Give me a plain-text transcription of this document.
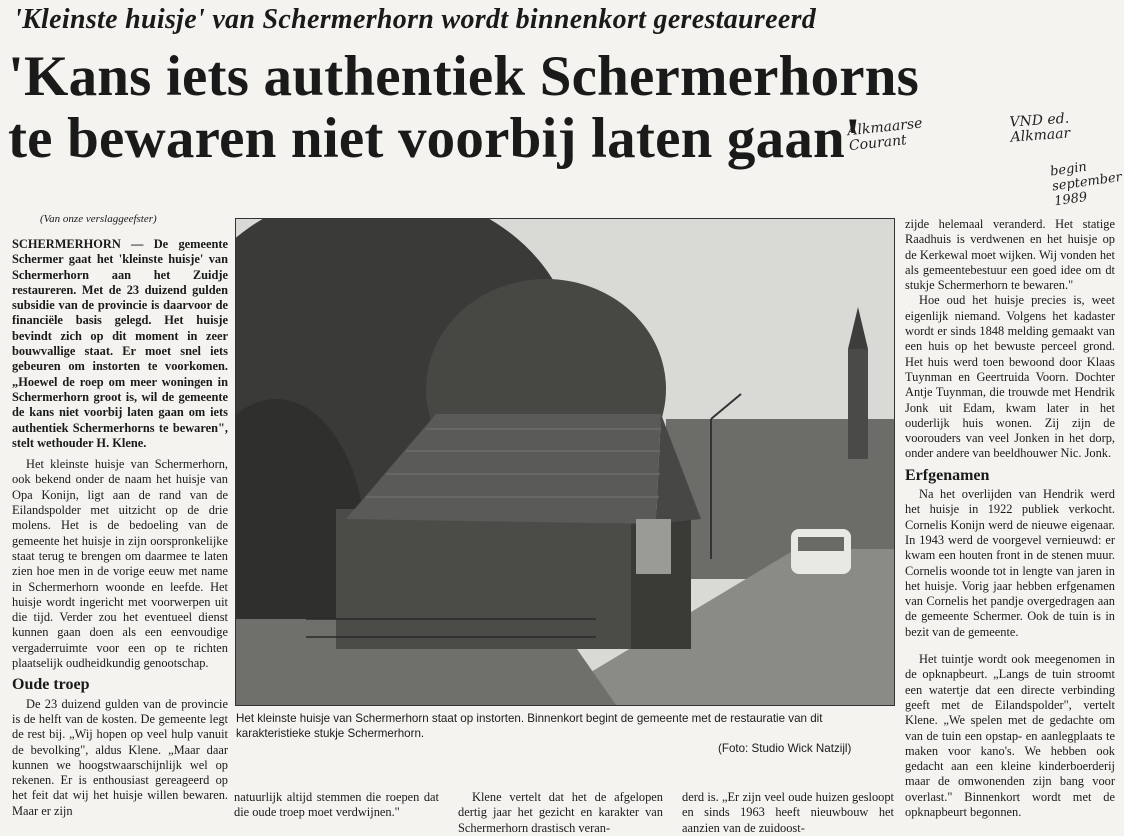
'Kleinste huisje' van Schermerhorn wordt binnenkort gerestaureerd
'Kans iets authentiek Schermerhorns
te bewaren niet voorbij laten gaan'
Alkmaarse Courant
VND ed. Alkmaar
begin september 1989
(Van onze verslaggeefster)

SCHERMERHORN — De gemeente Schermer gaat het 'kleinste huisje' van Schermerhorn aan het Zuidje restaureren. Met de 23 duizend gulden subsidie van de provincie is daarvoor de financiële basis gelegd. Het huisje bevindt zich op dit moment in zeer bouwvallige staat. Er moet snel iets gebeuren om instorten te voorkomen. „Hoewel de roep om meer woningen in Schermerhorn groot is, wil de gemeente de kans niet voorbij laten gaan om iets authentiek Schermerhorns te bewaren", stelt wethouder H. Klene.

Het kleinste huisje van Schermerhorn, ook bekend onder de naam het huisje van Opa Konijn, ligt aan de rand van de Eilandspolder met uitzicht op de drie molens. Het is de bedoeling van de gemeente het huisje in zijn oorspronkelijke staat terug te brengen om daarmee te laten zien hoe men in de vorige eeuw met name in Schermerhorn woonde en leefde. Het huisje wordt ingericht met voorwerpen uit die tijd. Verder zou het eventueel dienst kunnen gaan doen als een eenvoudige vergaderruimte voor een op te richten plaatselijk oudheidkundig genootschap.

Oude troep

De 23 duizend gulden van de provincie is de helft van de kosten. De gemeente legt de rest bij. „Wij hopen op veel hulp vanuit de bevolking", aldus Klene. „Maar daar kunnen we hoogstwaarschijnlijk wel op rekenen. Er is enthousiast gereageerd op het feit dat wij het huisje willen bewaren. Maar er zijn

Het kleinste huisje van Schermerhorn staat op instorten. Binnenkort begint de gemeente met de restauratie van dit karakteristieke stukje Schermerhorn.
(Foto: Studio Wick Natzijl)

natuurlijk altijd stemmen die roepen dat die oude troep moet verdwijnen."

Klene vertelt dat het de afgelopen dertig jaar het gezicht en karakter van Schermerhorn drastisch veran-

derd is. „Er zijn veel oude huizen gesloopt en sinds 1963 heeft nieuwbouw het aanzien van de zuidoost-

zijde helemaal veranderd. Het statige Raadhuis is verdwenen en het huisje op de Kerkewal moet wijken. Wij vonden het als gemeentebestuur een goed idee om dt stukje Schermerhorn te bewaren."

Hoe oud het huisje precies is, weet eigenlijk niemand. Volgens het kadaster wordt er sinds 1848 melding gemaakt van een huis op het bewuste perceel grond. Het huis werd toen bewoond door Klaas Tuynman en Geertruida Voorn. Dochter Antje Tuynman, die trouwde met Hendrik Jonk uit Edam, kwam later in het ouderlijk huis wonen. Zij zijn de voorouders van veel Jonken in het dorp, onder andere van beeldhouwer Nic. Jonk.

Erfgenamen

Na het overlijden van Hendrik werd het huisje in 1922 publiek verkocht. Cornelis Konijn werd de nieuwe eigenaar. In 1943 werd de voorgevel vernieuwd: er kwam een houten front in de stenen muur. Cornelis woonde tot in lengte van jaren in het huisje. Vorig jaar hebben erfgenamen van Cornelis het pandje overgedragen aan de gemeente Schermer. Ook de tuin is in bezit van de gemeente.

Het tuintje wordt ook meegenomen in de opknapbeurt. „Langs de tuin stroomt een watertje dat een directe verbinding geeft met de Eilandspolder", vertelt Klene. „We spelen met de gedachte om van de tuin een opstap- en aanlegplaats te maken voor kano's. We hebben ook gedacht aan een kleine kinderboerderij maar de omwonenden zijn bang voor overlast." Binnenkort wordt met de opknapbeurt begonnen.
